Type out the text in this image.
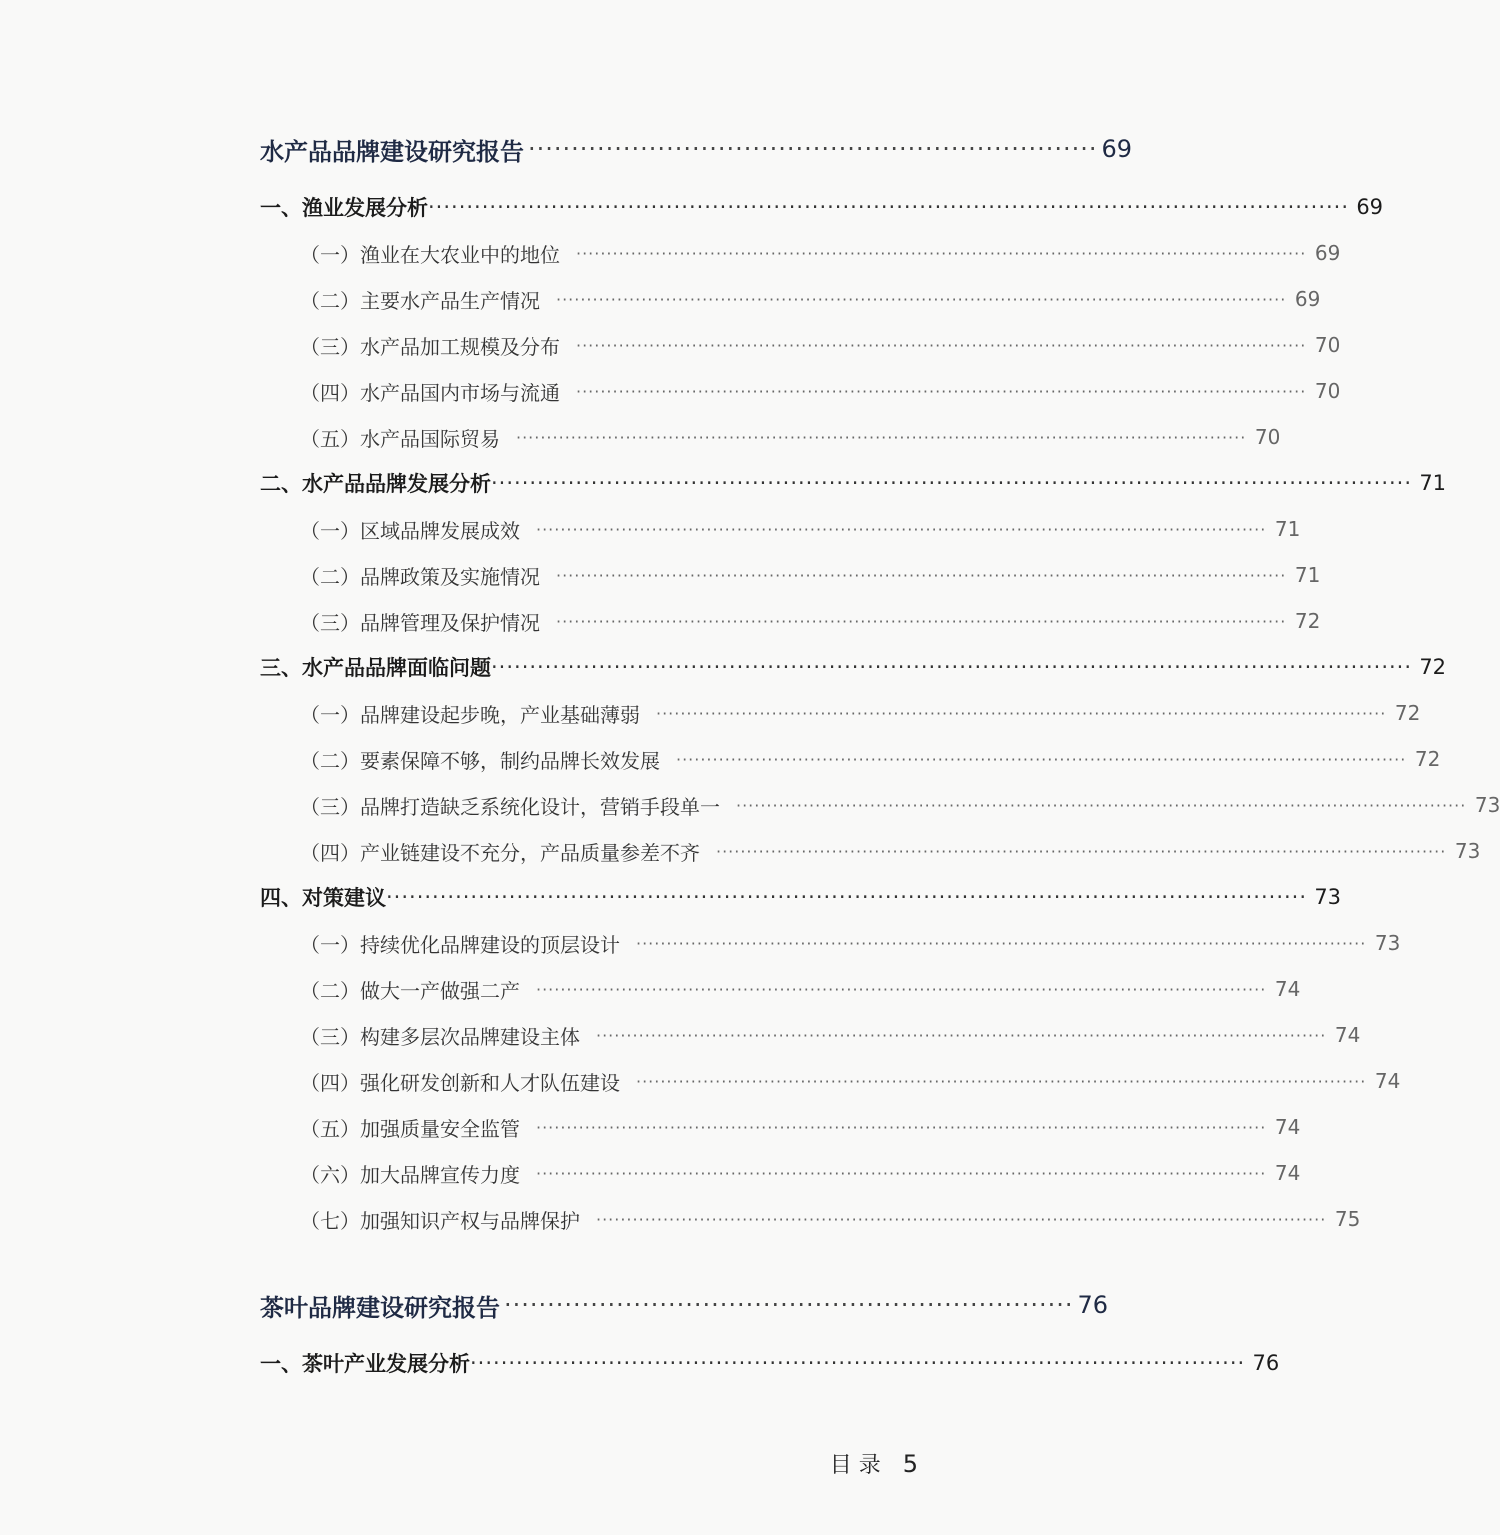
水产品品牌建设研究报告 ·································································· 69
一、渔业发展分析 ························································································································ 69
（一）渔业在大农业中的地位 ························································································································ 69
（二）主要水产品生产情况 ························································································································ 69
（三）水产品加工规模及分布 ························································································································ 70
（四）水产品国内市场与流通 ························································································································ 70
（五）水产品国际贸易 ························································································································ 70
二、水产品品牌发展分析 ························································································································ 71
（一）区域品牌发展成效 ························································································································ 71
（二）品牌政策及实施情况 ························································································································ 71
（三）品牌管理及保护情况 ························································································································ 72
三、水产品品牌面临问题 ························································································································ 72
（一）品牌建设起步晚，产业基础薄弱 ························································································································ 72
（二）要素保障不够，制约品牌长效发展 ························································································································ 72
（三）品牌打造缺乏系统化设计，营销手段单一 ························································································································ 73
（四）产业链建设不充分，产品质量参差不齐 ························································································································ 73
四、对策建议 ························································································································ 73
（一）持续优化品牌建设的顶层设计 ························································································································ 73
（二）做大一产做强二产 ························································································································ 74
（三）构建多层次品牌建设主体 ························································································································ 74
（四）强化研发创新和人才队伍建设 ························································································································ 74
（五）加强质量安全监管 ························································································································ 74
（六）加大品牌宣传力度 ························································································································ 74
（七）加强知识产权与品牌保护 ························································································································ 75
茶叶品牌建设研究报告 ·································································· 76
一、茶叶产业发展分析 ····································································································· 76
目 录 5
